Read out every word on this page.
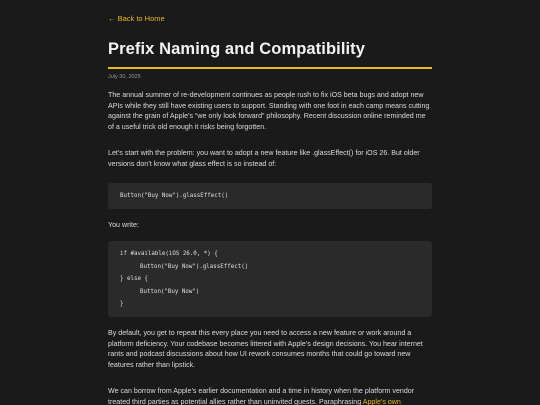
← Back to Home
Prefix Naming and Compatibility
July 30, 2025

The annual summer of re-development continues as people rush to fix iOS beta bugs and adopt new APIs while they still have existing users to support. Standing with one foot in each camp means cutting against the grain of Apple’s “we only look forward” philosophy. Recent discussion online reminded me of a useful trick old enough it risks being forgotten.

Let’s start with the problem: you want to adopt a new feature like .glassEffect() for iOS 26. But older versions don’t know what glass effect is so instead of:

Button("Buy Now").glassEffect()

You write:

if #available(iOS 26.0, *) {
Button("Buy Now").glassEffect()
} else {
Button("Buy Now")
}

By default, you get to repeat this every place you need to access a new feature or work around a platform deficiency. Your codebase becomes littered with Apple’s design decisions. You hear internet rants and podcast discussions about how UI rework consumes months that could go toward new features rather than lipstick.

We can borrow from Apple’s earlier documentation and a time in history when the platform vendor treated third parties as potential allies rather than uninvited guests. Paraphrasing Apple’s own
